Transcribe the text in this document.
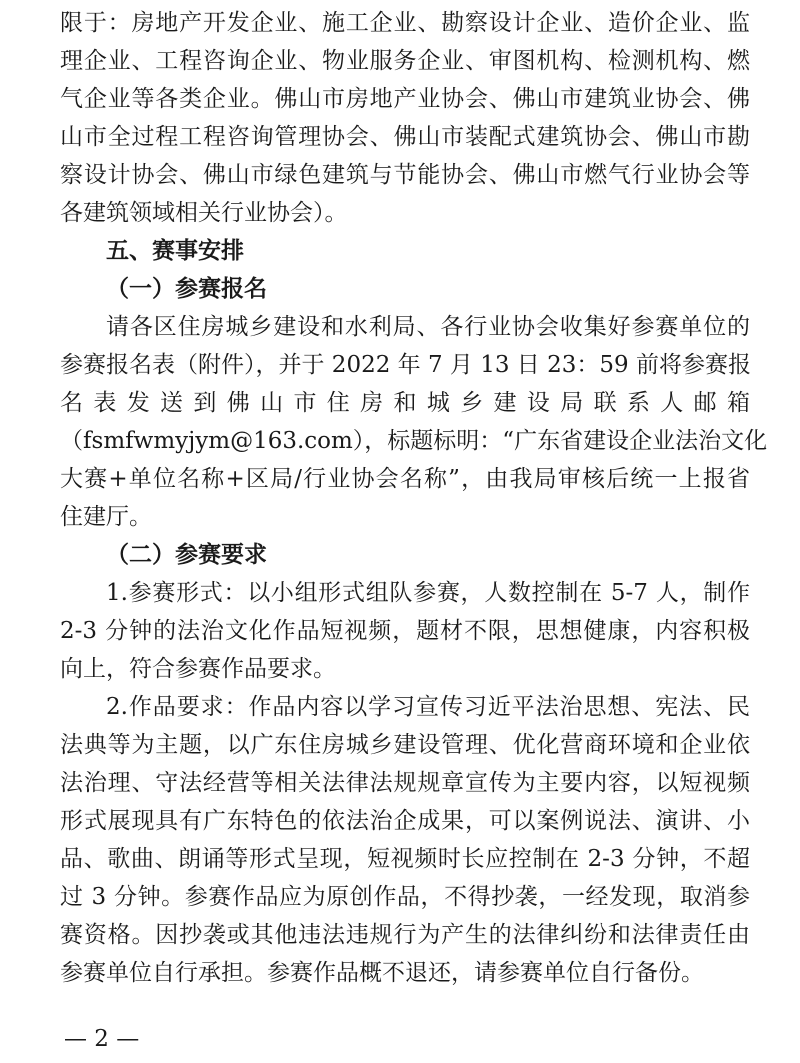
限于：房地产开发企业、施工企业、勘察设计企业、造价企业、监
理企业、工程咨询企业、物业服务企业、审图机构、检测机构、燃
气企业等各类企业。佛山市房地产业协会、佛山市建筑业协会、佛
山市全过程工程咨询管理协会、佛山市装配式建筑协会、佛山市勘
察设计协会、佛山市绿色建筑与节能协会、佛山市燃气行业协会等
各建筑领域相关行业协会）。
五、赛事安排
（一）参赛报名
请各区住房城乡建设和水利局、各行业协会收集好参赛单位的
参赛报名表（附件），并于 2022 年 7 月 13 日 23：59 前将参赛报
名表发送到佛山市住房和城乡建设局联系人邮箱
（fsmfwmyjym@163.com），标题标明：“广东省建设企业法治文化
大赛+单位名称+区局/行业协会名称”，由我局审核后统一上报省
住建厅。
（二）参赛要求
1.参赛形式：以小组形式组队参赛，人数控制在 5-7 人，制作
2-3 分钟的法治文化作品短视频，题材不限，思想健康，内容积极
向上，符合参赛作品要求。
2.作品要求：作品内容以学习宣传习近平法治思想、宪法、民
法典等为主题，以广东住房城乡建设管理、优化营商环境和企业依
法治理、守法经营等相关法律法规规章宣传为主要内容，以短视频
形式展现具有广东特色的依法治企成果，可以案例说法、演讲、小
品、歌曲、朗诵等形式呈现，短视频时长应控制在 2-3 分钟，不超
过 3 分钟。参赛作品应为原创作品，不得抄袭，一经发现，取消参
赛资格。因抄袭或其他违法违规行为产生的法律纠纷和法律责任由
参赛单位自行承担。参赛作品概不退还，请参赛单位自行备份。
— 2 —
